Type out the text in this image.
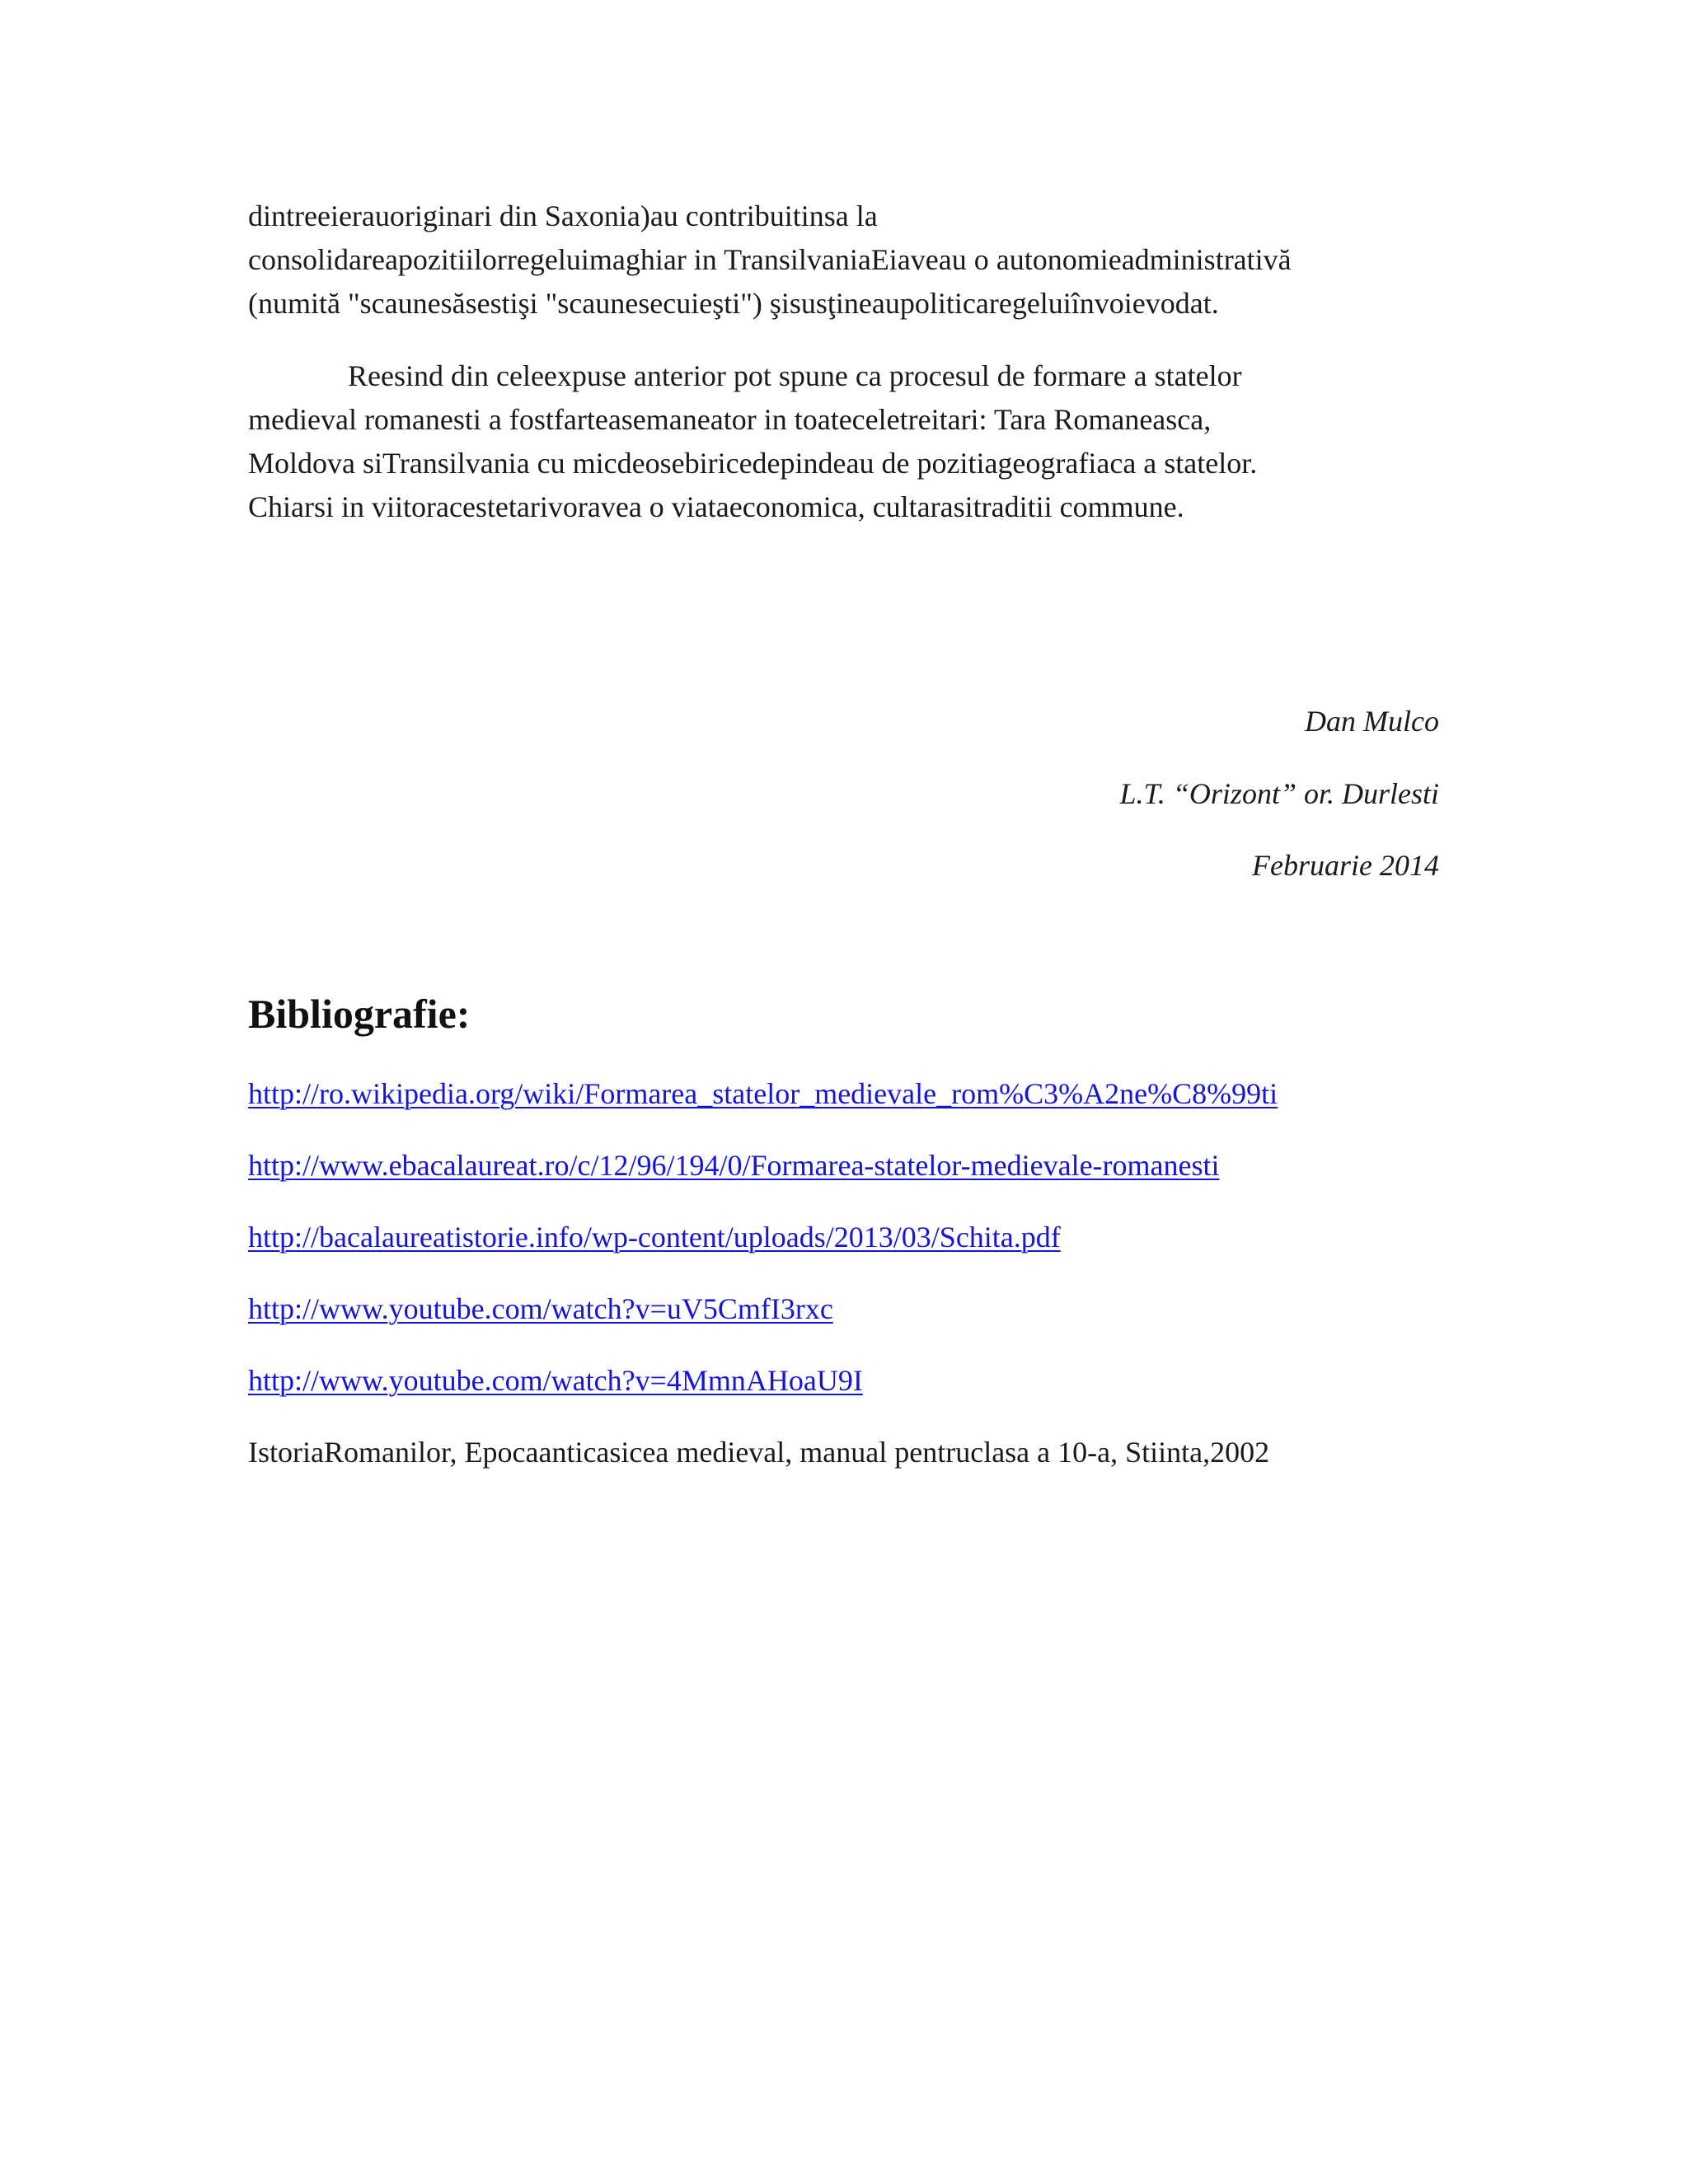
dintreeierauoriginari din Saxonia)au contribuitinsa la
consolidareapozitiilorregeluimaghiar in TransilvaniaEiaveau o autonomieadministrativă
(numită "scaunesăsestişi "scaunesecuieşti") şisusţineaupoliticaregeluiînvoievodat.

Reesind din celeexpuse anterior pot spune ca procesul de formare a statelor
medieval romanesti a fostfarteasemaneator in toateceletreitari: Tara Romaneasca,
Moldova siTransilvania cu micdeosebiricedepindeau de pozitiageografiaca a statelor.
Chiarsi in viitoracestetarivoravea o viataeconomica, cultarasitraditii commune.

Dan Mulco
L.T. “Orizont” or. Durlesti
Februarie 2014
Bibliografie:
http://ro.wikipedia.org/wiki/Formarea_statelor_medievale_rom%C3%A2ne%C8%99ti
http://www.ebacalaureat.ro/c/12/96/194/0/Formarea-statelor-medievale-romanesti
http://bacalaureatistorie.info/wp-content/uploads/2013/03/Schita.pdf
http://www.youtube.com/watch?v=uV5CmfI3rxc
http://www.youtube.com/watch?v=4MmnAHoaU9I
IstoriaRomanilor, Epocaanticasicea medieval, manual pentruclasa a 10-a, Stiinta,2002
